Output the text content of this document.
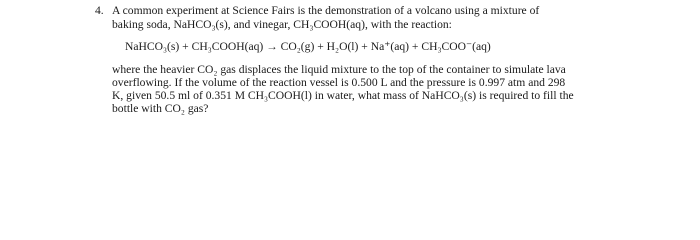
4. A common experiment at Science Fairs is the demonstration of a volcano using a mixture of
baking soda, NaHCO₃(s), and vinegar, CH₃COOH(aq), with the reaction:
NaHCO₃(s) + CH₃COOH(aq) → CO₂(g) + H₂O(l) + Na⁺(aq) + CH₃COO⁻(aq)
where the heavier CO₂ gas displaces the liquid mixture to the top of the container to simulate lava
overflowing. If the volume of the reaction vessel is 0.500 L and the pressure is 0.997 atm and 298
K, given 50.5 ml of 0.351 M CH₃COOH(l) in water, what mass of NaHCO₃(s) is required to fill the
bottle with CO₂ gas?
